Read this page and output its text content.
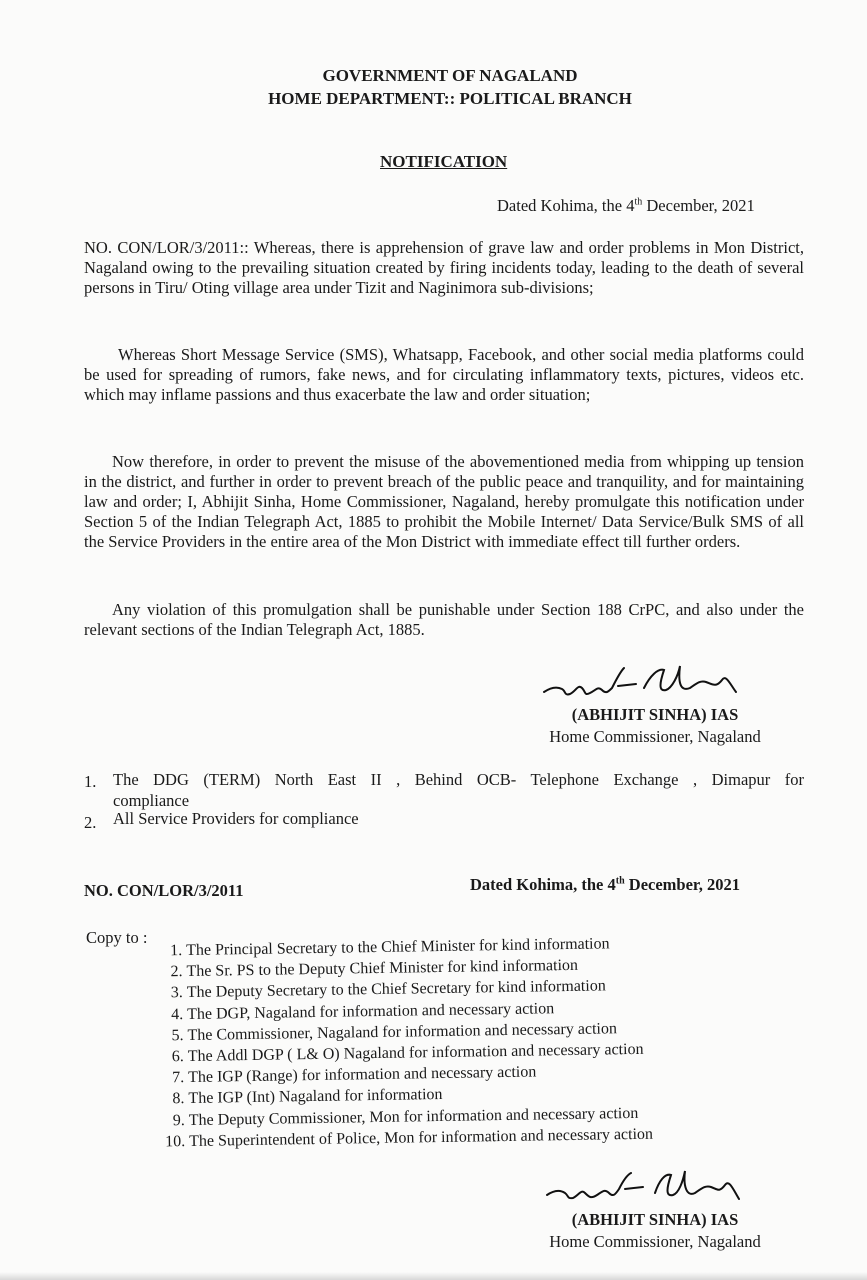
GOVERNMENT OF NAGALAND
HOME DEPARTMENT:: POLITICAL BRANCH
NOTIFICATION
Dated Kohima, the 4th December, 2021

NO. CON/LOR/3/2011:: Whereas, there is apprehension of grave law and order problems in Mon District, Nagaland owing to the prevailing situation created by firing incidents today, leading to the death of several persons in Tiru/ Oting village area under Tizit and Naginimora sub-divisions;

Whereas Short Message Service (SMS), Whatsapp, Facebook, and other social media platforms could be used for spreading of rumors, fake news, and for circulating inflammatory texts, pictures, videos etc. which may inflame passions and thus exacerbate the law and order situation;

Now therefore, in order to prevent the misuse of the abovementioned media from whipping up tension in the district, and further in order to prevent breach of the public peace and tranquility, and for maintaining law and order; I, Abhijit Sinha, Home Commissioner, Nagaland, hereby promulgate this notification under Section 5 of the Indian Telegraph Act, 1885 to prohibit the Mobile Internet/ Data Service/Bulk SMS of all the Service Providers in the entire area of the Mon District with immediate effect till further orders.

Any violation of this promulgation shall be punishable under Section 188 CrPC, and also under the relevant sections of the Indian Telegraph Act, 1885.

(ABHIJIT SINHA) IAS
Home Commissioner, Nagaland
1. The DDG (TERM) North East II , Behind OCB- Telephone Exchange , Dimapur for
compliance
2. All Service Providers for compliance
NO. CON/LOR/3/2011	Dated Kohima, the 4th December, 2021
Copy to :
1. The Principal Secretary to the Chief Minister for kind information
2. The Sr. PS to the Deputy Chief Minister for kind information
3. The Deputy Secretary to the Chief Secretary for kind information
4. The DGP, Nagaland for information and necessary action
5. The Commissioner, Nagaland for information and necessary action
6. The Addl DGP ( L& O) Nagaland for information and necessary action
7. The IGP (Range) for information and necessary action
8. The IGP (Int) Nagaland for information
9. The Deputy Commissioner, Mon for information and necessary action
10. The Superintendent of Police, Mon for information and necessary action
(ABHIJIT SINHA) IAS
Home Commissioner, Nagaland
